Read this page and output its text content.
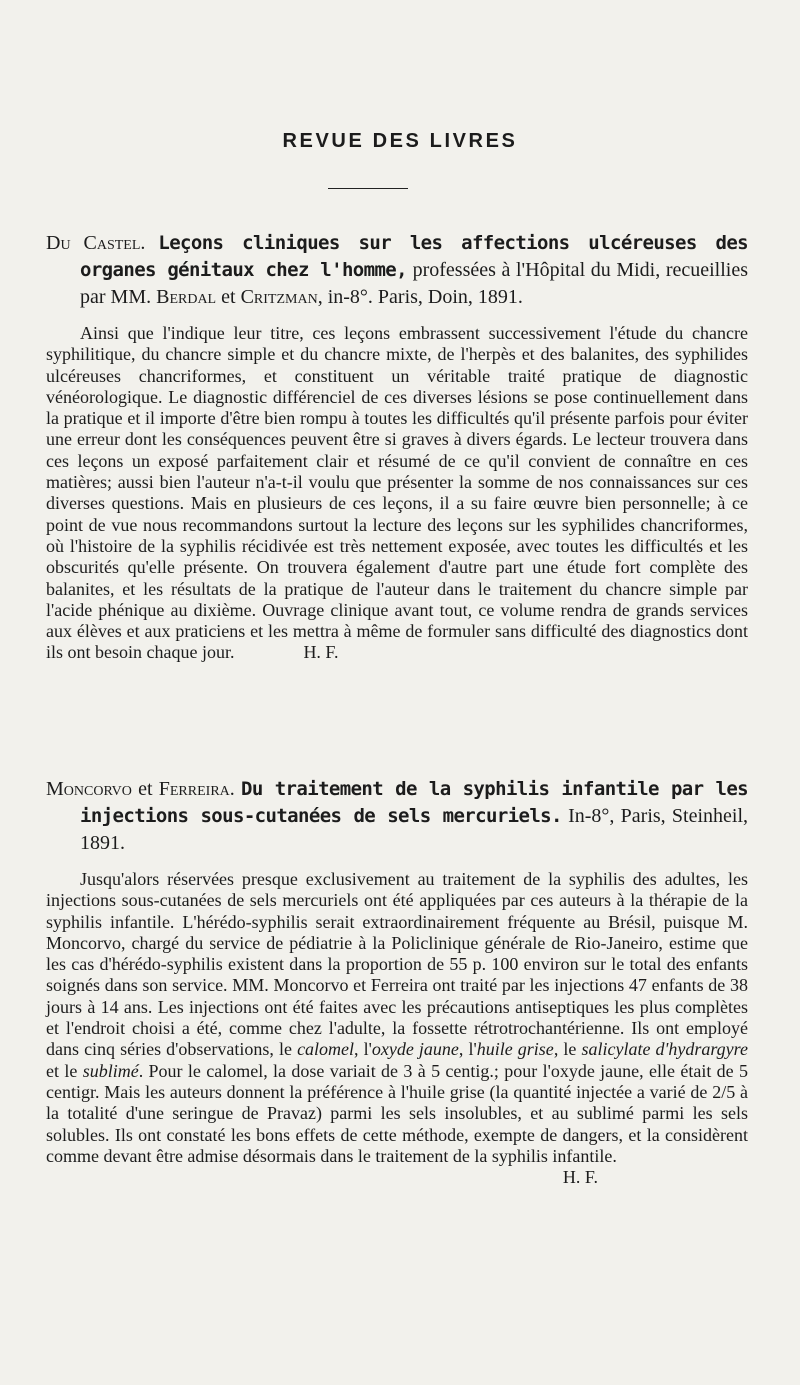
REVUE DES LIVRES

Du Castel. Leçons cliniques sur les affections ulcéreuses des organes génitaux chez l'homme, professées à l'Hôpital du Midi, recueillies par MM. Berdal et Critzman, in-8°. Paris, Doin, 1891.

Ainsi que l'indique leur titre, ces leçons embrassent successivement l'étude du chancre syphilitique, du chancre simple et du chancre mixte, de l'herpès et des balanites, des syphilides ulcéreuses chancriformes, et constituent un véritable traité pratique de diagnostic vénéorologique. Le diagnostic différenciel de ces diverses lésions se pose continuellement dans la pratique et il importe d'être bien rompu à toutes les difficultés qu'il présente parfois pour éviter une erreur dont les conséquences peuvent être si graves à divers égards. Le lecteur trouvera dans ces leçons un exposé parfaitement clair et résumé de ce qu'il convient de connaître en ces matières; aussi bien l'auteur n'a-t-il voulu que présenter la somme de nos connaissances sur ces diverses questions. Mais en plusieurs de ces leçons, il a su faire œuvre bien personnelle; à ce point de vue nous recommandons surtout la lecture des leçons sur les syphilides chancriformes, où l'histoire de la syphilis récidivée est très nettement exposée, avec toutes les difficultés et les obscurités qu'elle présente. On trouvera également d'autre part une étude fort complète des balanites, et les résultats de la pratique de l'auteur dans le traitement du chancre simple par l'acide phénique au dixième. Ouvrage clinique avant tout, ce volume rendra de grands services aux élèves et aux praticiens et les mettra à même de formuler sans difficulté des diagnostics dont ils ont besoin chaque jour.	H. F.

Moncorvo et Ferreira. Du traitement de la syphilis infantile par les injections sous-cutanées de sels mercuriels. In-8°, Paris, Steinheil, 1891.

Jusqu'alors réservées presque exclusivement au traitement de la syphilis des adultes, les injections sous-cutanées de sels mercuriels ont été appliquées par ces auteurs à la thérapie de la syphilis infantile. L'hérédo-syphilis serait extraordinairement fréquente au Brésil, puisque M. Moncorvo, chargé du service de pédiatrie à la Policlinique générale de Rio-Janeiro, estime que les cas d'hérédo-syphilis existent dans la proportion de 55 p. 100 environ sur le total des enfants soignés dans son service. MM. Moncorvo et Ferreira ont traité par les injections 47 enfants de 38 jours à 14 ans. Les injections ont été faites avec les précautions antiseptiques les plus complètes et l'endroit choisi a été, comme chez l'adulte, la fossette rétrotrochantérienne. Ils ont employé dans cinq séries d'observations, le calomel, l'oxyde jaune, l'huile grise, le salicylate d'hydrargyre et le sublimé. Pour le calomel, la dose variait de 3 à 5 centig.; pour l'oxyde jaune, elle était de 5 centigr. Mais les auteurs donnent la préférence à l'huile grise (la quantité injectée a varié de 2/5 à la totalité d'une seringue de Pravaz) parmi les sels insolubles, et au sublimé parmi les sels solubles. Ils ont constaté les bons effets de cette méthode, exempte de dangers, et la considèrent comme devant être admise désormais dans le traitement de la syphilis infantile.

H. F.
